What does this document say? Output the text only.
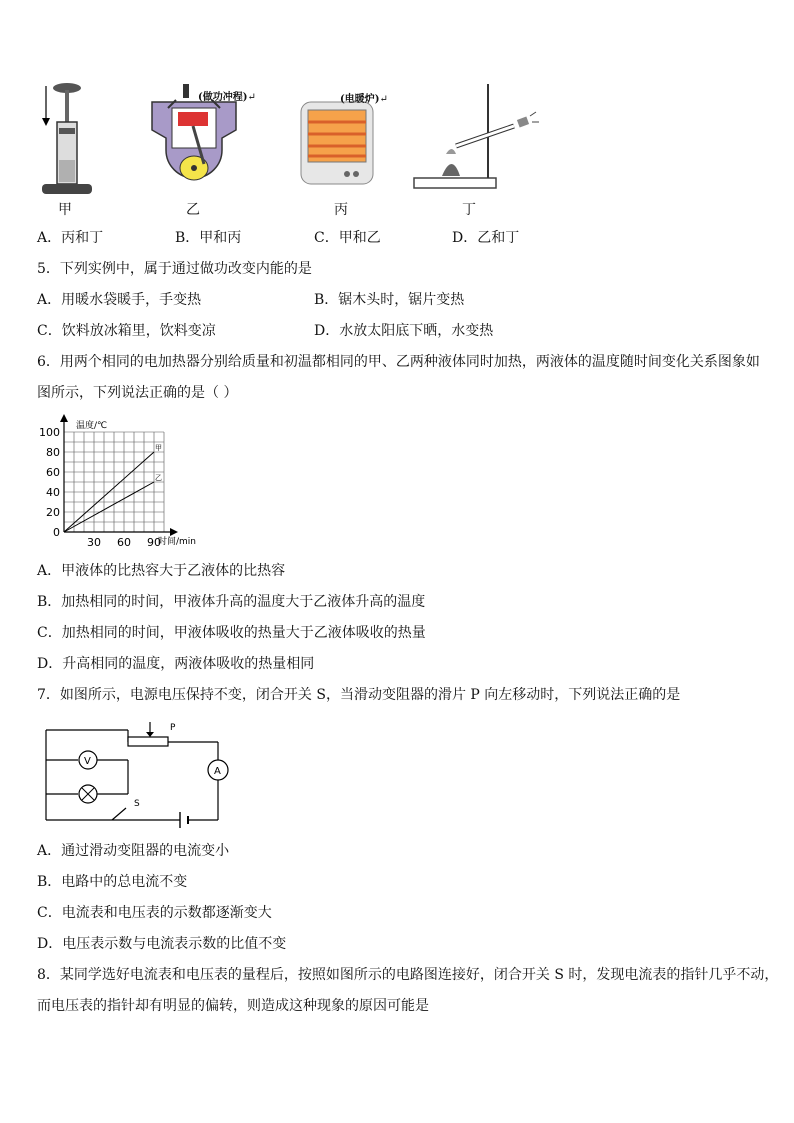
甲
(做功冲程)↵
乙
(电暖炉)↵
丙	丁
A．丙和丁	B．甲和丙	C．甲和乙	D．乙和丁
5．下列实例中，属于通过做功改变内能的是
A．用暖水袋暖手，手变热	B．锯木头时，锯片变热
C．饮料放冰箱里，饮料变凉	D．水放太阳底下晒，水变热
6．用两个相同的电加热器分别给质量和初温都相同的甲、乙两种液体同时加热，两液体的温度随时间变化关系图象如
图所示，下列说法正确的是（ ）
温度/℃
时间/min
100
80
60
40
20
0
30 60 90
甲
乙
A．甲液体的比热容大于乙液体的比热容
B．加热相同的时间，甲液体升高的温度大于乙液体升高的温度
C．加热相同的时间，甲液体吸收的热量大于乙液体吸收的热量
D．升高相同的温度，两液体吸收的热量相同
7．如图所示，电源电压保持不变，闭合开关 S，当滑动变阻器的滑片 P 向左移动时，下列说法正确的是
P
V
S
A
A．通过滑动变阻器的电流变小
B．电路中的总电流不变
C．电流表和电压表的示数都逐渐变大
D．电压表示数与电流表示数的比值不变
8．某同学选好电流表和电压表的量程后，按照如图所示的电路图连接好，闭合开关 S 时，发现电流表的指针几乎不动，
而电压表的指针却有明显的偏转，则造成这种现象的原因可能是
